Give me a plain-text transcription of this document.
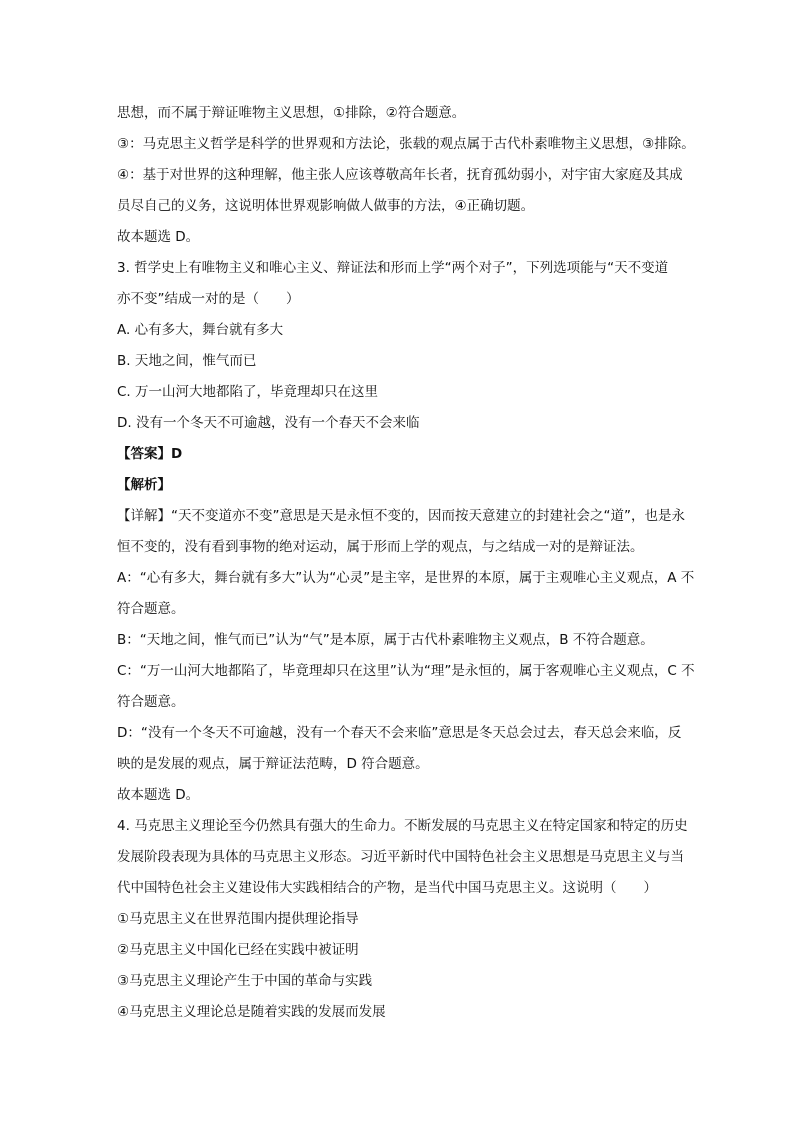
思想，而不属于辩证唯物主义思想，①排除，②符合题意。
③：马克思主义哲学是科学的世界观和方法论，张载的观点属于古代朴素唯物主义思想，③排除。
④：基于对世界的这种理解，他主张人应该尊敬高年长者，抚育孤幼弱小，对宇宙大家庭及其成
员尽自己的义务，这说明体世界观影响做人做事的方法，④正确切题。
故本题选 D。
3. 哲学史上有唯物主义和唯心主义、辩证法和形而上学“两个对子”，下列选项能与“天不变道
亦不变”结成一对的是（　　）
A. 心有多大，舞台就有多大
B. 天地之间，惟气而已
C. 万一山河大地都陷了，毕竟理却只在这里
D. 没有一个冬天不可逾越，没有一个春天不会来临
【答案】D
【解析】
【详解】“天不变道亦不变”意思是天是永恒不变的，因而按天意建立的封建社会之“道”，也是永
恒不变的，没有看到事物的绝对运动，属于形而上学的观点，与之结成一对的是辩证法。
A：“心有多大，舞台就有多大”认为“心灵”是主宰，是世界的本原，属于主观唯心主义观点，A 不
符合题意。
B：“天地之间，惟气而已”认为“气”是本原，属于古代朴素唯物主义观点，B 不符合题意。
C：“万一山河大地都陷了，毕竟理却只在这里”认为“理”是永恒的，属于客观唯心主义观点，C 不
符合题意。
D：“没有一个冬天不可逾越，没有一个春天不会来临”意思是冬天总会过去，春天总会来临，反
映的是发展的观点，属于辩证法范畴，D 符合题意。
故本题选 D。
4. 马克思主义理论至今仍然具有强大的生命力。不断发展的马克思主义在特定国家和特定的历史
发展阶段表现为具体的马克思主义形态。习近平新时代中国特色社会主义思想是马克思主义与当
代中国特色社会主义建设伟大实践相结合的产物，是当代中国马克思主义。这说明（　　）
①马克思主义在世界范围内提供理论指导
②马克思主义中国化已经在实践中被证明
③马克思主义理论产生于中国的革命与实践
④马克思主义理论总是随着实践的发展而发展
